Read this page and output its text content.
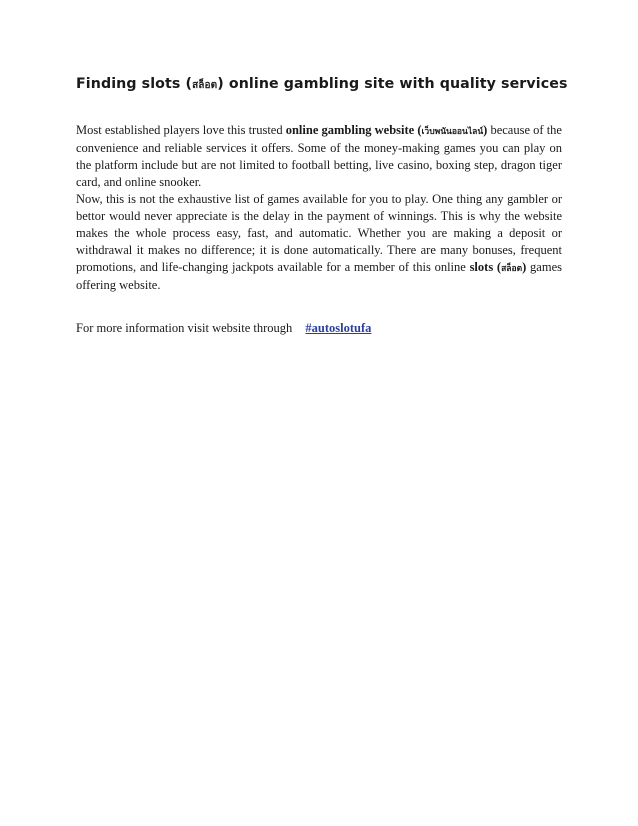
Finding slots (สล็อต) online gambling site with quality services

Most established players love this trusted online gambling website (เว็บพนันออนไลน์) because of the convenience and reliable services it offers. Some of the money-making games you can play on the platform include but are not limited to football betting, live casino, boxing step, dragon tiger card, and online snooker.
Now, this is not the exhaustive list of games available for you to play. One thing any gambler or bettor would never appreciate is the delay in the payment of winnings. This is why the website makes the whole process easy, fast, and automatic. Whether you are making a deposit or withdrawal it makes no difference; it is done automatically. There are many bonuses, frequent promotions, and life-changing jackpots available for a member of this online slots (สล็อต) games offering website.

For more information visit website through #autoslotufa
